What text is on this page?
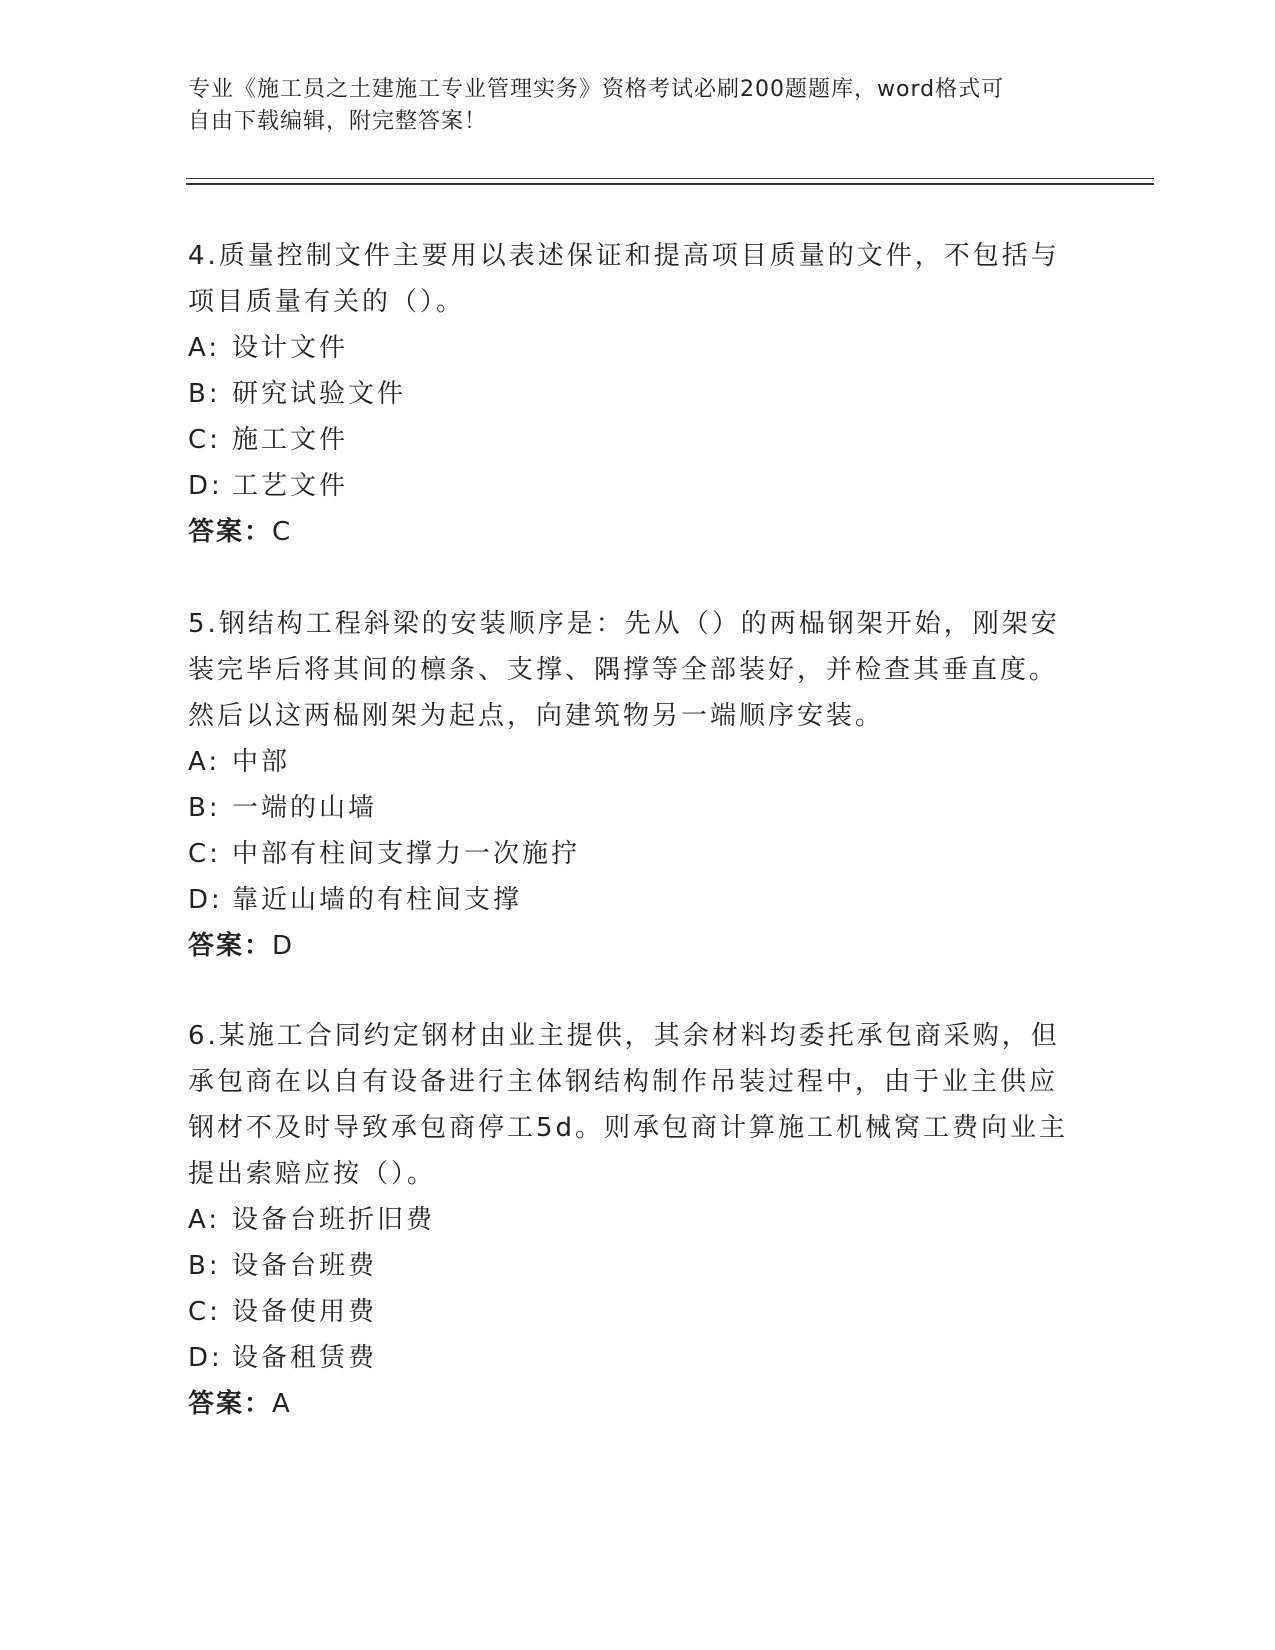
专业《施工员之土建施工专业管理实务》资格考试必刷200题题库，word格式可
自由下载编辑，附完整答案！
4.质量控制文件主要用以表述保证和提高项目质量的文件，不包括与
项目质量有关的（）。
A: 设计文件
B: 研究试验文件
C: 施工文件
D: 工艺文件
答案：C
5.钢结构工程斜梁的安装顺序是：先从（）的两榀钢架开始，刚架安
装完毕后将其间的檩条、支撑、隅撑等全部装好，并检查其垂直度。
然后以这两榀刚架为起点，向建筑物另一端顺序安装。
A: 中部
B: 一端的山墙
C: 中部有柱间支撑力一次施拧
D: 靠近山墙的有柱间支撑
答案：D
6.某施工合同约定钢材由业主提供，其余材料均委托承包商采购，但
承包商在以自有设备进行主体钢结构制作吊装过程中，由于业主供应
钢材不及时导致承包商停工5d。则承包商计算施工机械窝工费向业主
提出索赔应按（）。
A: 设备台班折旧费
B: 设备台班费
C: 设备使用费
D: 设备租赁费
答案：A
